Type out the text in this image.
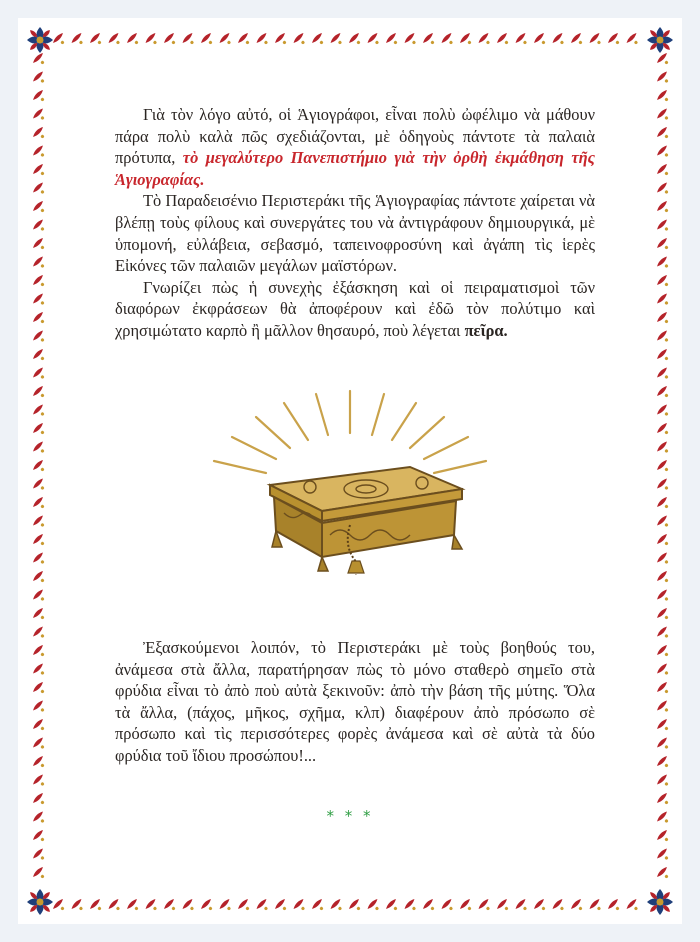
Γιὰ τὸν λόγο αὐτό, οἱ Ἁγιογράφοι, εἶναι πολὺ ὠφέλιμο νὰ μάθουν πάρα πολὺ καλὰ πῶς σχεδιάζονται, μὲ ὁδηγοὺς πάντοτε τὰ παλαιὰ πρότυπα, τὸ μεγαλύτερο Πανεπιστήμιο γιὰ τὴν ὀρθὴ ἐκμάθηση τῆς Ἁγιογραφίας.

Τὸ Παραδεισένιο Περιστεράκι τῆς Ἁγιογραφίας πάντοτε χαίρεται νὰ βλέπῃ τοὺς φίλους καὶ συνεργάτες του νὰ ἀντιγράφουν δημιουργικά, μὲ ὑπομονή, εὐλάβεια, σεβασμό, ταπεινοφροσύνη καὶ ἀγάπη τὶς ἱερὲς Εἰκόνες τῶν παλαιῶν μεγάλων μαϊστόρων.

Γνωρίζει πὼς ἡ συνεχὴς ἐξάσκηση καὶ οἱ πειραματισμοὶ τῶν διαφόρων ἐκφράσεων θὰ ἀποφέρουν καὶ ἐδῶ τὸν πολύτιμο καὶ χρησιμώτατο καρπὸ ἢ μᾶλλον θησαυρό, ποὺ λέγεται πεῖρα.

Ἐξασκούμενοι λοιπόν, τὸ Περιστεράκι μὲ τοὺς βοηθούς του, ἀνάμεσα στὰ ἄλλα, παρατήρησαν πὼς τὸ μόνο σταθερὸ σημεῖο στὰ φρύδια εἶναι τὸ ἀπὸ ποὺ αὐτὰ ξεκινοῦν: ἀπὸ τὴν βάση τῆς μύτης. Ὅλα τὰ ἄλλα, (πάχος, μῆκος, σχῆμα, κλπ) διαφέρουν ἀπὸ πρόσωπο σὲ πρόσωπο καὶ τὶς περισσότερες φορὲς ἀνάμεσα καὶ σὲ αὐτὰ τὰ δύο φρύδια τοῦ ἴδιου προσώπου!...

* * *
